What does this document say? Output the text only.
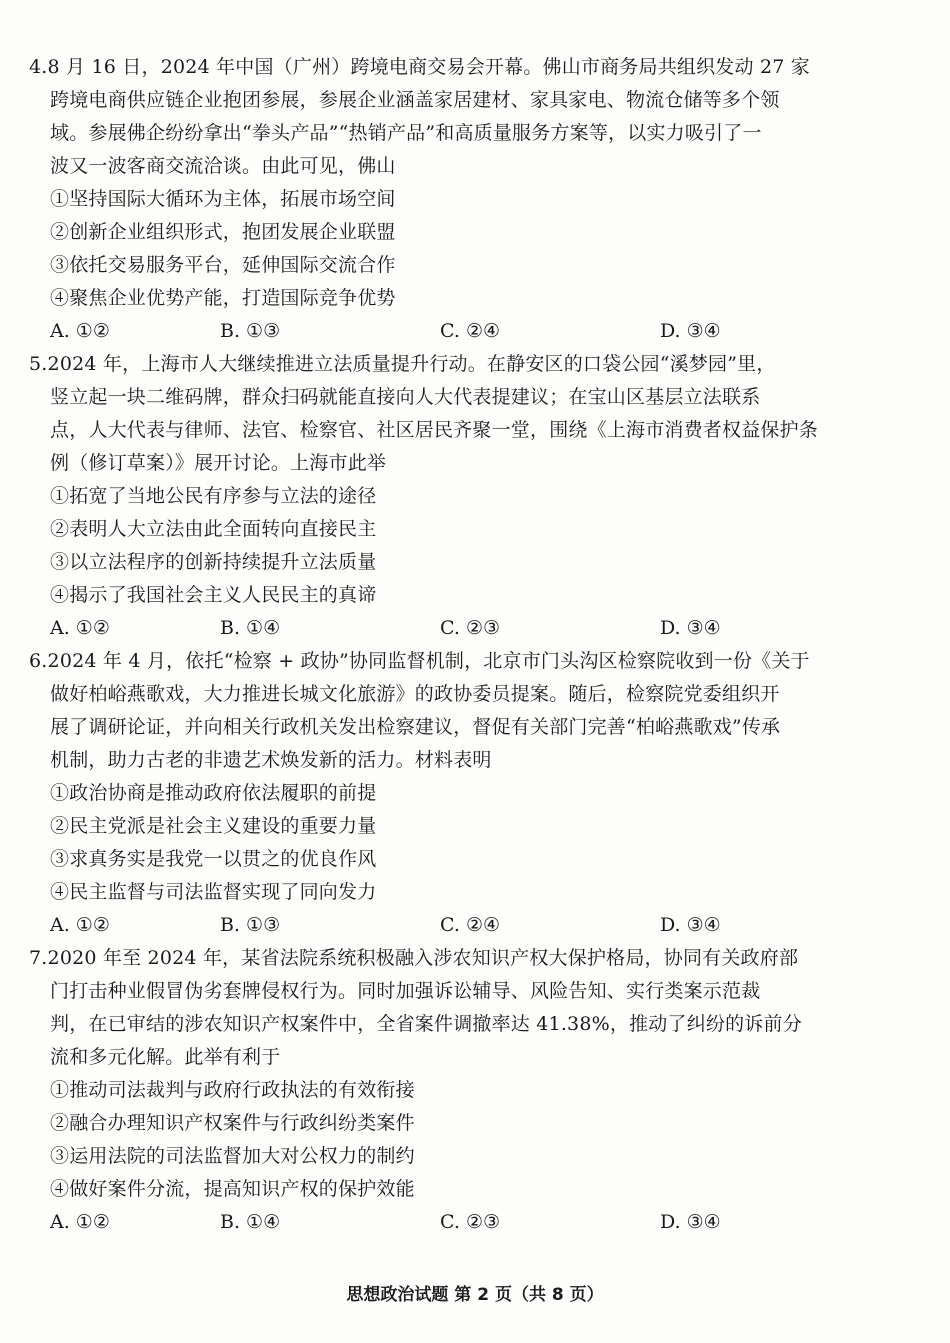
4.8 月 16 日，2024 年中国（广州）跨境电商交易会开幕。佛山市商务局共组织发动 27 家
跨境电商供应链企业抱团参展，参展企业涵盖家居建材、家具家电、物流仓储等多个领
域。参展佛企纷纷拿出“拳头产品”“热销产品”和高质量服务方案等，以实力吸引了一
波又一波客商交流洽谈。由此可见，佛山
①坚持国际大循环为主体，拓展市场空间
②创新企业组织形式，抱团发展企业联盟
③依托交易服务平台，延伸国际交流合作
④聚焦企业优势产能，打造国际竞争优势
A. ①②	B. ①③	C. ②④	D. ③④
5.2024 年，上海市人大继续推进立法质量提升行动。在静安区的口袋公园“溪梦园”里，
竖立起一块二维码牌，群众扫码就能直接向人大代表提建议；在宝山区基层立法联系
点，人大代表与律师、法官、检察官、社区居民齐聚一堂，围绕《上海市消费者权益保护条
例（修订草案）》展开讨论。上海市此举
①拓宽了当地公民有序参与立法的途径
②表明人大立法由此全面转向直接民主
③以立法程序的创新持续提升立法质量
④揭示了我国社会主义人民民主的真谛
A. ①②	B. ①④	C. ②③	D. ③④
6.2024 年 4 月，依托“检察 + 政协”协同监督机制，北京市门头沟区检察院收到一份《关于
做好柏峪燕歌戏，大力推进长城文化旅游》的政协委员提案。随后，检察院党委组织开
展了调研论证，并向相关行政机关发出检察建议，督促有关部门完善“柏峪燕歌戏”传承
机制，助力古老的非遗艺术焕发新的活力。材料表明
①政治协商是推动政府依法履职的前提
②民主党派是社会主义建设的重要力量
③求真务实是我党一以贯之的优良作风
④民主监督与司法监督实现了同向发力
A. ①②	B. ①③	C. ②④	D. ③④
7.2020 年至 2024 年，某省法院系统积极融入涉农知识产权大保护格局，协同有关政府部
门打击种业假冒伪劣套牌侵权行为。同时加强诉讼辅导、风险告知、实行类案示范裁
判，在已审结的涉农知识产权案件中，全省案件调撤率达 41.38%，推动了纠纷的诉前分
流和多元化解。此举有利于
①推动司法裁判与政府行政执法的有效衔接
②融合办理知识产权案件与行政纠纷类案件
③运用法院的司法监督加大对公权力的制约
④做好案件分流，提高知识产权的保护效能
A. ①②	B. ①④	C. ②③	D. ③④
思想政治试题 第 2 页（共 8 页）
